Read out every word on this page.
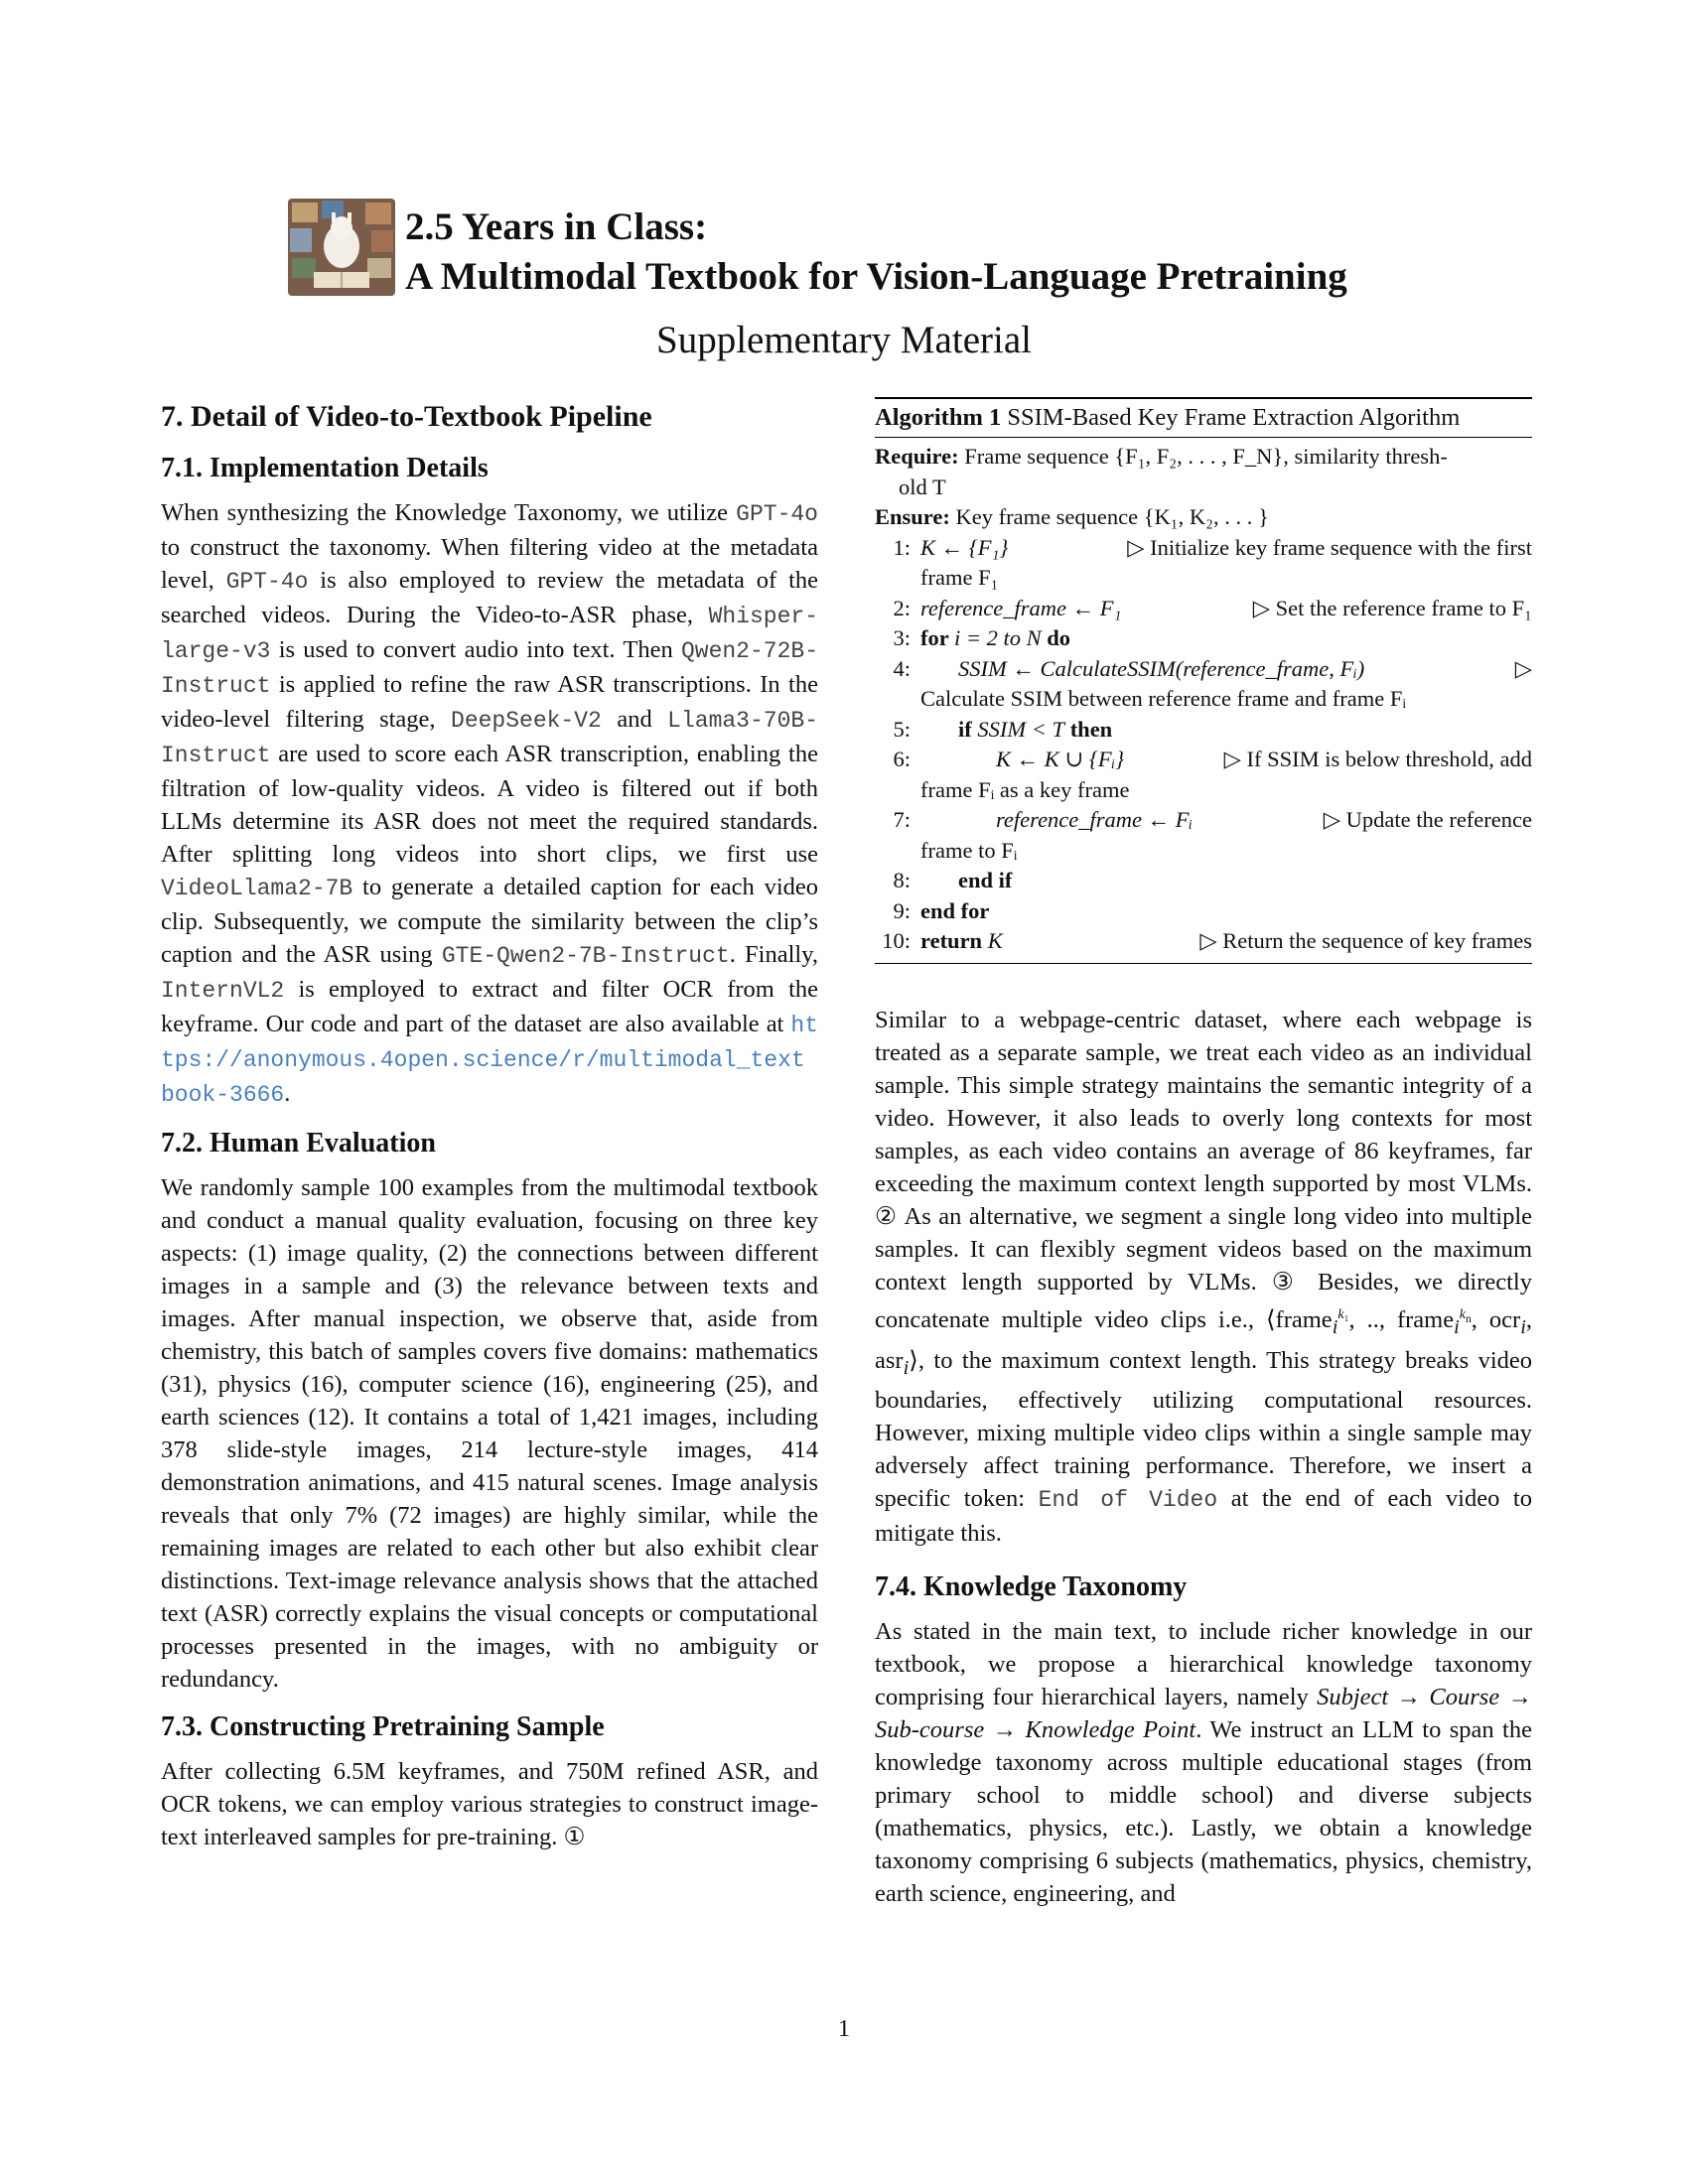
2.5 Years in Class:
A Multimodal Textbook for Vision-Language Pretraining
Supplementary Material
7. Detail of Video-to-Textbook Pipeline
7.1. Implementation Details

When synthesizing the Knowledge Taxonomy, we utilize GPT-4o to construct the taxonomy. When filtering video at the metadata level, GPT-4o is also employed to review the metadata of the searched videos. During the Video-to-ASR phase, Whisper-large-v3 is used to convert audio into text. Then Qwen2-72B-Instruct is applied to refine the raw ASR transcriptions. In the video-level filtering stage, DeepSeek-V2 and Llama3-70B-Instruct are used to score each ASR transcription, enabling the filtration of low-quality videos. A video is filtered out if both LLMs determine its ASR does not meet the required standards. After splitting long videos into short clips, we first use VideoLlama2-7B to generate a detailed caption for each video clip. Subsequently, we compute the similarity between the clip’s caption and the ASR using GTE-Qwen2-7B-Instruct. Finally, InternVL2 is employed to extract and filter OCR from the keyframe. Our code and part of the dataset are also available at https://anonymous.4open.science/r/multimodal_textbook-3666.

7.2. Human Evaluation

We randomly sample 100 examples from the multimodal textbook and conduct a manual quality evaluation, focusing on three key aspects: (1) image quality, (2) the connections between different images in a sample and (3) the relevance between texts and images. After manual inspection, we observe that, aside from chemistry, this batch of samples covers five domains: mathematics (31), physics (16), computer science (16), engineering (25), and earth sciences (12). It contains a total of 1,421 images, including 378 slide-style images, 214 lecture-style images, 414 demonstration animations, and 415 natural scenes. Image analysis reveals that only 7% (72 images) are highly similar, while the remaining images are related to each other but also exhibit clear distinctions. Text-image relevance analysis shows that the attached text (ASR) correctly explains the visual concepts or computational processes presented in the images, with no ambiguity or redundancy.

7.3. Constructing Pretraining Sample

After collecting 6.5M keyframes, and 750M refined ASR, and OCR tokens, we can employ various strategies to construct image-text interleaved samples for pre-training. ①

Algorithm 1 SSIM-Based Key Frame Extraction Algorithm
Require: Frame sequence {F₁, F₂, . . . , F_N}, similarity thresh-
old T
Ensure: Key frame sequence {K₁, K₂, . . . }
1: K ← {F₁}	▷ Initialize key frame sequence with the first
frame F₁
2: reference_frame ← F₁	▷ Set the reference frame to F₁
3: for i = 2 to N do
4:	SSIM ← CalculateSSIM(reference_frame, Fᵢ)	▷
Calculate SSIM between reference frame and frame Fᵢ
5:	if SSIM < T then
6:	K ← K ∪ {Fᵢ}	▷ If SSIM is below threshold, add
frame Fᵢ as a key frame
7:	reference_frame ← Fᵢ	▷ Update the reference
frame to Fᵢ
8:	end if
9: end for
10: return K	▷ Return the sequence of key frames

Similar to a webpage-centric dataset, where each webpage is treated as a separate sample, we treat each video as an individual sample. This simple strategy maintains the semantic integrity of a video. However, it also leads to overly long contexts for most samples, as each video contains an average of 86 keyframes, far exceeding the maximum context length supported by most VLMs. ② As an alternative, we segment a single long video into multiple samples. It can flexibly segment videos based on the maximum context length supported by VLMs. ③ Besides, we directly concatenate multiple video clips i.e., ⟨frame$_i^{k_1}$, .., frame$_i^{k_n}$, ocr$_i$, asr$_i$⟩, to the maximum context length. This strategy breaks video boundaries, effectively utilizing computational resources. However, mixing multiple video clips within a single sample may adversely affect training performance. Therefore, we insert a specific token: End of Video at the end of each video to mitigate this.

7.4. Knowledge Taxonomy

As stated in the main text, to include richer knowledge in our textbook, we propose a hierarchical knowledge taxonomy comprising four hierarchical layers, namely Subject → Course → Sub-course → Knowledge Point. We instruct an LLM to span the knowledge taxonomy across multiple educational stages (from primary school to middle school) and diverse subjects (mathematics, physics, etc.). Lastly, we obtain a knowledge taxonomy comprising 6 subjects (mathematics, physics, chemistry, earth science, engineering, and

1
